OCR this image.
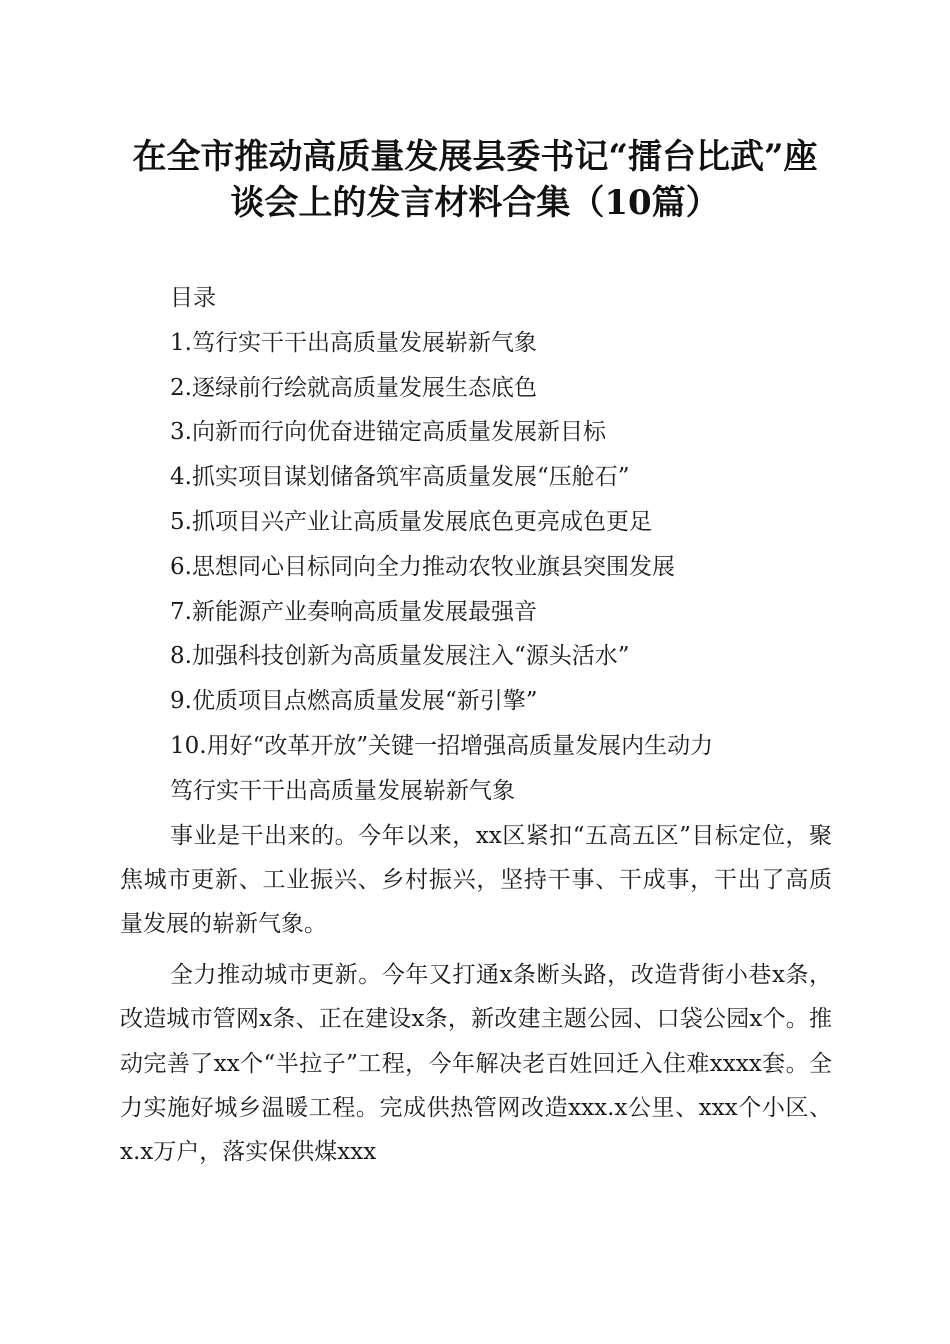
在全市推动高质量发展县委书记“擂台比武”座谈会上的发言材料合集（10篇）

目录

1.笃行实干干出高质量发展崭新气象

2.逐绿前行绘就高质量发展生态底色

3.向新而行向优奋进锚定高质量发展新目标

4.抓实项目谋划储备筑牢高质量发展“压舱石”

5.抓项目兴产业让高质量发展底色更亮成色更足

6.思想同心目标同向全力推动农牧业旗县突围发展

7.新能源产业奏响高质量发展最强音

8.加强科技创新为高质量发展注入“源头活水”

9.优质项目点燃高质量发展“新引擎”

10.用好“改革开放”关键一招增强高质量发展内生动力

笃行实干干出高质量发展崭新气象

事业是干出来的。今年以来，xx区紧扣“五高五区”目标定位，聚焦城市更新、工业振兴、乡村振兴，坚持干事、干成事，干出了高质量发展的崭新气象。

全力推动城市更新。今年又打通x条断头路，改造背街小巷x条，改造城市管网x条、正在建设x条，新改建主题公园、口袋公园x个。推动完善了xx个“半拉子”工程，今年解决老百姓回迁入住难xxxx套。全力实施好城乡温暖工程。完成供热管网改造xxx.x公里、xxx个小区、x.x万户，落实保供煤xxx
